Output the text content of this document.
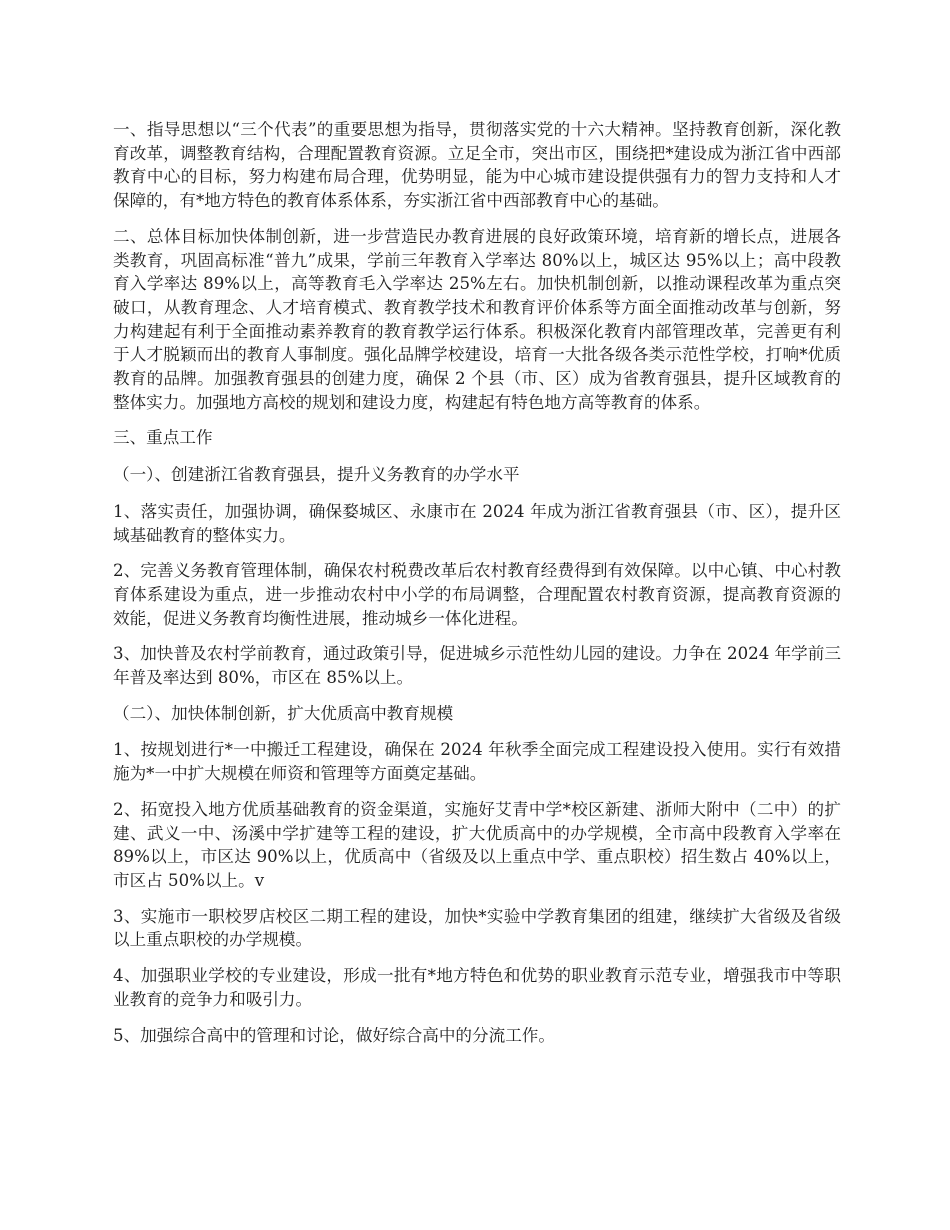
一、指导思想以“三个代表”的重要思想为指导，贯彻落实党的十六大精神。坚持教育创新，深化教育改革，调整教育结构，合理配置教育资源。立足全市，突出市区，围绕把*建设成为浙江省中西部教育中心的目标，努力构建布局合理，优势明显，能为中心城市建设提供强有力的智力支持和人才保障的，有*地方特色的教育体系体系，夯实浙江省中西部教育中心的基础。

二、总体目标加快体制创新，进一步营造民办教育进展的良好政策环境，培育新的增长点，进展各类教育，巩固高标准“普九”成果，学前三年教育入学率达 80%以上，城区达 95%以上；高中段教育入学率达 89%以上，高等教育毛入学率达 25%左右。加快机制创新，以推动课程改革为重点突破口，从教育理念、人才培育模式、教育教学技术和教育评价体系等方面全面推动改革与创新，努力构建起有利于全面推动素养教育的教育教学运行体系。积极深化教育内部管理改革，完善更有利于人才脱颖而出的教育人事制度。强化品牌学校建设，培育一大批各级各类示范性学校，打响*优质教育的品牌。加强教育强县的创建力度，确保 2 个县（市、区）成为省教育强县，提升区域教育的整体实力。加强地方高校的规划和建设力度，构建起有特色地方高等教育的体系。

三、重点工作

（一）、创建浙江省教育强县，提升义务教育的办学水平

1、落实责任，加强协调，确保婺城区、永康市在 2024 年成为浙江省教育强县（市、区），提升区域基础教育的整体实力。

2、完善义务教育管理体制，确保农村税费改革后农村教育经费得到有效保障。以中心镇、中心村教育体系建设为重点，进一步推动农村中小学的布局调整，合理配置农村教育资源，提高教育资源的效能，促进义务教育均衡性进展，推动城乡一体化进程。

3、加快普及农村学前教育，通过政策引导，促进城乡示范性幼儿园的建设。力争在 2024 年学前三年普及率达到 80%，市区在 85%以上。

（二）、加快体制创新，扩大优质高中教育规模

1、按规划进行*一中搬迁工程建设，确保在 2024 年秋季全面完成工程建设投入使用。实行有效措施为*一中扩大规模在师资和管理等方面奠定基础。

2、拓宽投入地方优质基础教育的资金渠道，实施好艾青中学*校区新建、浙师大附中（二中）的扩建、武义一中、汤溪中学扩建等工程的建设，扩大优质高中的办学规模，全市高中段教育入学率在 89%以上，市区达 90%以上，优质高中（省级及以上重点中学、重点职校）招生数占 40%以上，市区占 50%以上。v

3、实施市一职校罗店校区二期工程的建设，加快*实验中学教育集团的组建，继续扩大省级及省级以上重点职校的办学规模。

4、加强职业学校的专业建设，形成一批有*地方特色和优势的职业教育示范专业，增强我市中等职业教育的竞争力和吸引力。

5、加强综合高中的管理和讨论，做好综合高中的分流工作。
